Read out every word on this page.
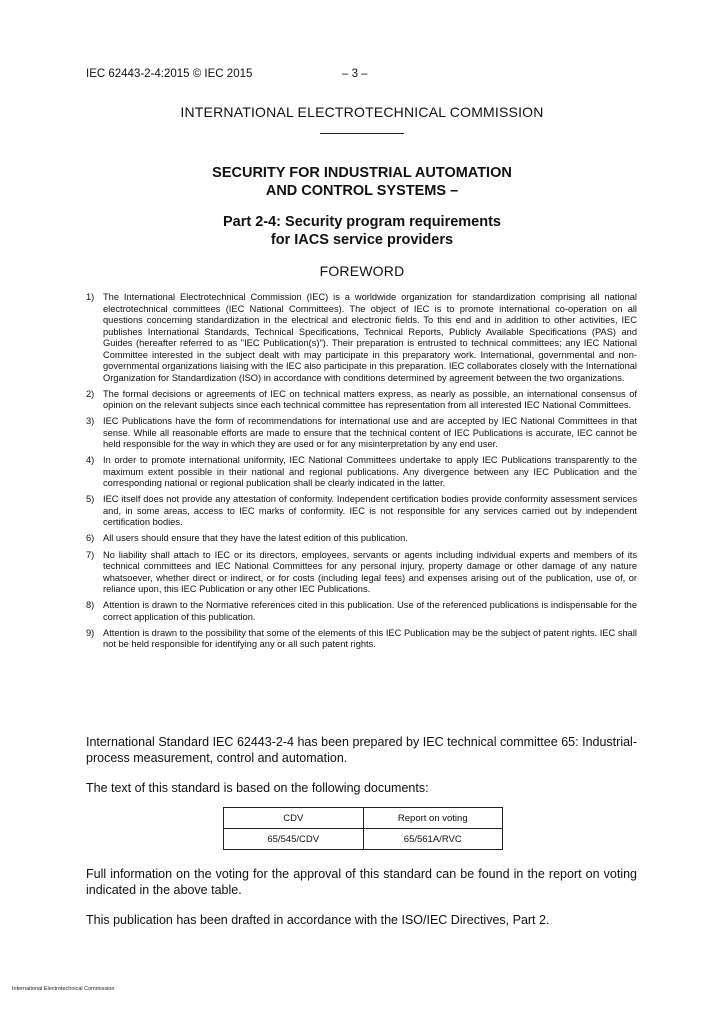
IEC 62443-2-4:2015 © IEC 2015	– 3 –
INTERNATIONAL ELECTROTECHNICAL COMMISSION
SECURITY FOR INDUSTRIAL AUTOMATION
AND CONTROL SYSTEMS –
Part 2-4: Security program requirements
for IACS service providers
FOREWORD
1) The International Electrotechnical Commission (IEC) is a worldwide organization for standardization comprising all national electrotechnical committees (IEC National Committees). The object of IEC is to promote international co-operation on all questions concerning standardization in the electrical and electronic fields. To this end and in addition to other activities, IEC publishes International Standards, Technical Specifications, Technical Reports, Publicly Available Specifications (PAS) and Guides (hereafter referred to as "IEC Publication(s)"). Their preparation is entrusted to technical committees; any IEC National Committee interested in the subject dealt with may participate in this preparatory work. International, governmental and non-governmental organizations liaising with the IEC also participate in this preparation. IEC collaborates closely with the International Organization for Standardization (ISO) in accordance with conditions determined by agreement between the two organizations.
2) The formal decisions or agreements of IEC on technical matters express, as nearly as possible, an international consensus of opinion on the relevant subjects since each technical committee has representation from all interested IEC National Committees.
3) IEC Publications have the form of recommendations for international use and are accepted by IEC National Committees in that sense. While all reasonable efforts are made to ensure that the technical content of IEC Publications is accurate, IEC cannot be held responsible for the way in which they are used or for any misinterpretation by any end user.
4) In order to promote international uniformity, IEC National Committees undertake to apply IEC Publications transparently to the maximum extent possible in their national and regional publications. Any divergence between any IEC Publication and the corresponding national or regional publication shall be clearly indicated in the latter.
5) IEC itself does not provide any attestation of conformity. Independent certification bodies provide conformity assessment services and, in some areas, access to IEC marks of conformity. IEC is not responsible for any services carried out by independent certification bodies.
6) All users should ensure that they have the latest edition of this publication.
7) No liability shall attach to IEC or its directors, employees, servants or agents including individual experts and members of its technical committees and IEC National Committees for any personal injury, property damage or other damage of any nature whatsoever, whether direct or indirect, or for costs (including legal fees) and expenses arising out of the publication, use of, or reliance upon, this IEC Publication or any other IEC Publications.
8) Attention is drawn to the Normative references cited in this publication. Use of the referenced publications is indispensable for the correct application of this publication.
9) Attention is drawn to the possibility that some of the elements of this IEC Publication may be the subject of patent rights. IEC shall not be held responsible for identifying any or all such patent rights.
International Standard IEC 62443-2-4 has been prepared by IEC technical committee 65: Industrial-process measurement, control and automation.
The text of this standard is based on the following documents:
CDV	Report on voting
65/545/CDV	65/561A/RVC
Full information on the voting for the approval of this standard can be found in the report on voting indicated in the above table.
This publication has been drafted in accordance with the ISO/IEC Directives, Part 2.
International Electrotechnical Commission
